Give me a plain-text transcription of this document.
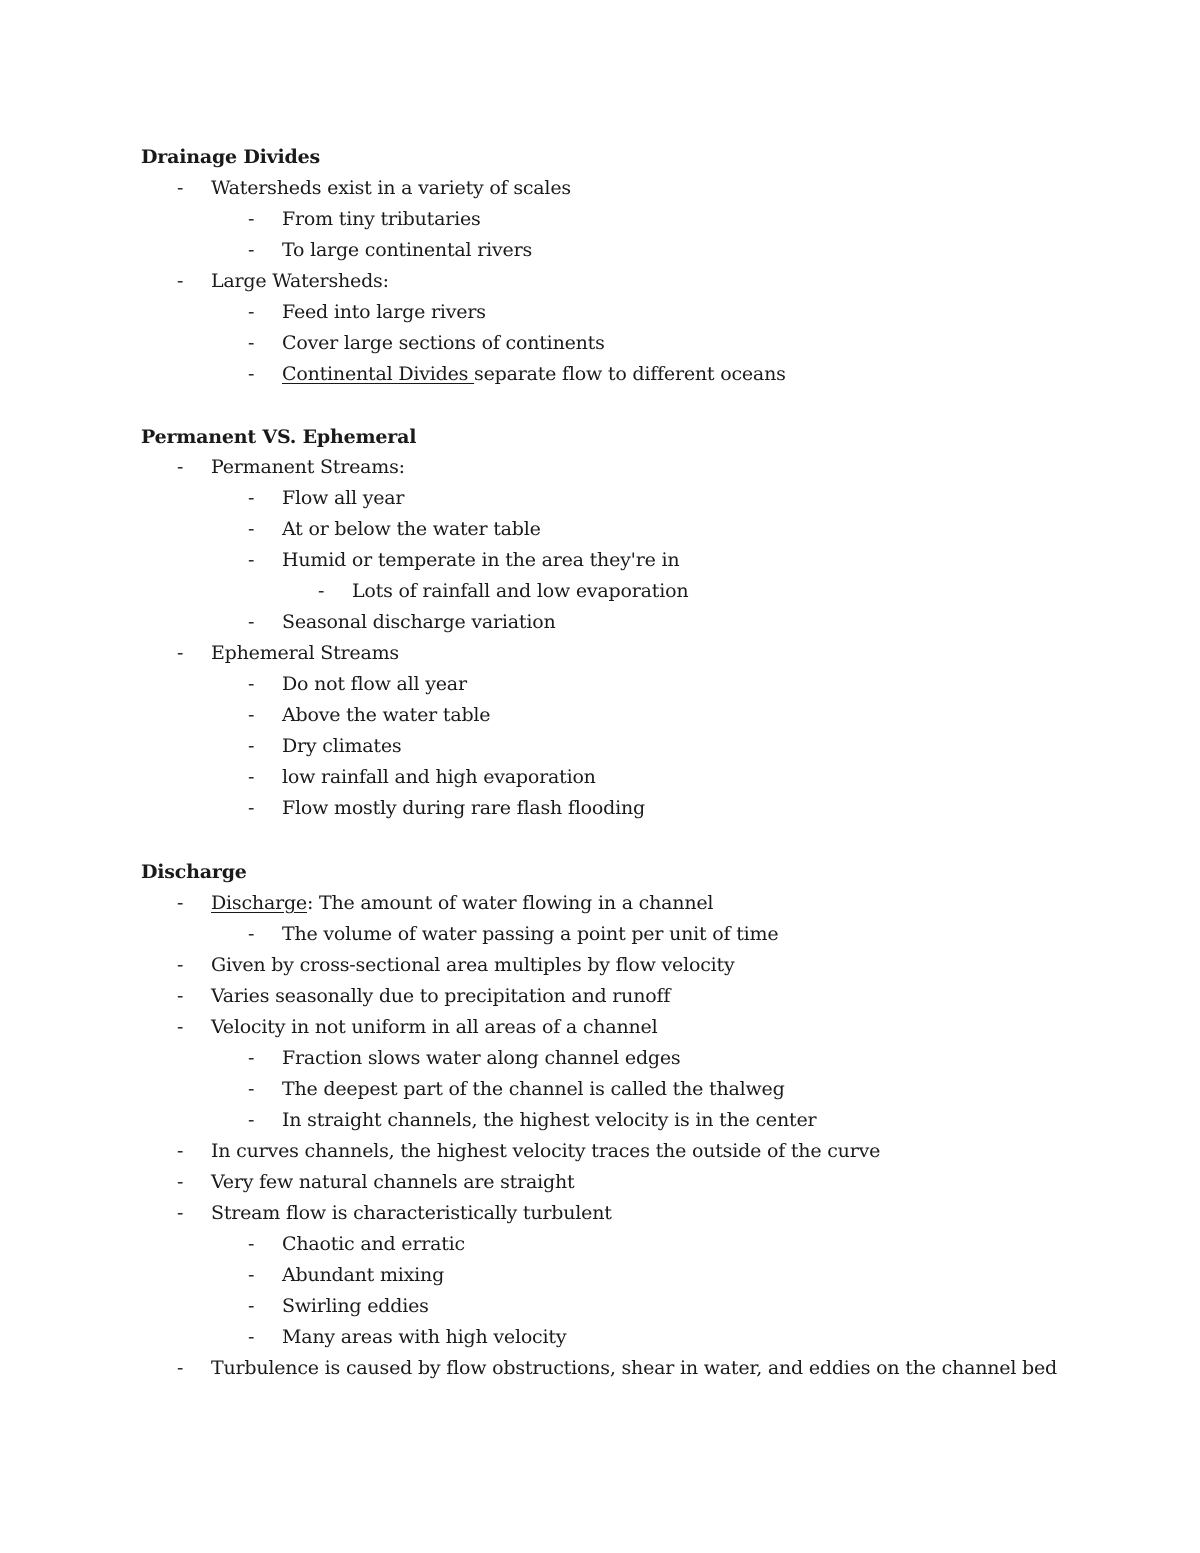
Drainage Divides
- Watersheds exist in a variety of scales
- From tiny tributaries
- To large continental rivers
- Large Watersheds:
- Feed into large rivers
- Cover large sections of continents
- Continental Divides separate flow to different oceans
Permanent VS. Ephemeral
- Permanent Streams:
- Flow all year
- At or below the water table
- Humid or temperate in the area they're in
- Lots of rainfall and low evaporation
- Seasonal discharge variation
- Ephemeral Streams
- Do not flow all year
- Above the water table
- Dry climates
- low rainfall and high evaporation
- Flow mostly during rare flash flooding
Discharge
- Discharge: The amount of water flowing in a channel
- The volume of water passing a point per unit of time
- Given by cross-sectional area multiples by flow velocity
- Varies seasonally due to precipitation and runoff
- Velocity in not uniform in all areas of a channel
- Fraction slows water along channel edges
- The deepest part of the channel is called the thalweg
- In straight channels, the highest velocity is in the center
- In curves channels, the highest velocity traces the outside of the curve
- Very few natural channels are straight
- Stream flow is characteristically turbulent
- Chaotic and erratic
- Abundant mixing
- Swirling eddies
- Many areas with high velocity
- Turbulence is caused by flow obstructions, shear in water, and eddies on the channel bed
